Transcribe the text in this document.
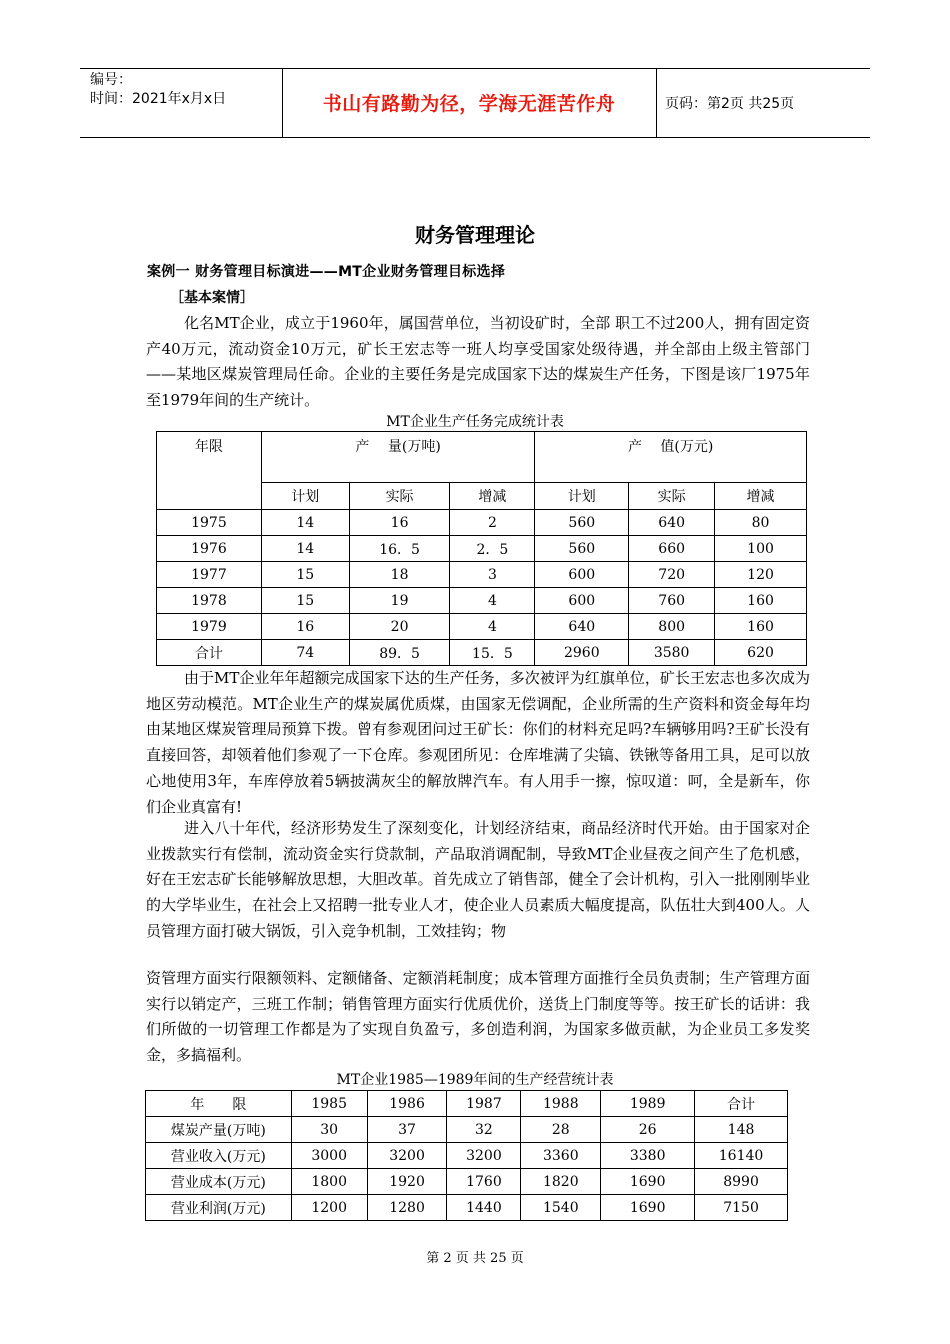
编号：
时间：2021年x月x日	书山有路勤为径，学海无涯苦作舟	页码：第2页 共25页
财务管理理论
案例一 财务管理目标演进——MT企业财务管理目标选择
［基本案情］

化名MT企业，成立于1960年，属国营单位，当初设矿时，全部 职工不过200人，拥有固定资产40万元，流动资金10万元，矿长王宏志等一班人均享受国家处级待遇，并全部由上级主管部门 ——某地区煤炭管理局任命。企业的主要任务是完成国家下达的煤炭生产任务，下图是该厂1975年至1979年间的生产统计。

MT企业生产任务完成统计表
年限	产　 量(万吨)			产　 值(万元)		
	计划	实际	增减	计划	实际	增减
1975	14	16	2	560	640	80
1976	14	16．5	2．5	560	660	100
1977	15	18	3	600	720	120
1978	15	19	4	600	760	160
1979	16	20	4	640	800	160
合计	74	89．5	15．5	2960	3580	620

由于MT企业年年超额完成国家下达的生产任务，多次被评为红旗单位，矿长王宏志也多次成为地区劳动模范。MT企业生产的煤炭属优质煤，由国家无偿调配，企业所需的生产资料和资金每年均由某地区煤炭管理局预算下拨。曾有参观团问过王矿长：你们的材料充足吗?车辆够用吗?王矿长没有直接回答，却领着他们参观了一下仓库。参观团所见：仓库堆满了尖镐、铁锹等备用工具，足可以放心地使用3年，车库停放着5辆披满灰尘的解放牌汽车。有人用手一擦，惊叹道：呵，全是新车，你们企业真富有!

进入八十年代，经济形势发生了深刻变化，计划经济结束，商品经济时代开始。由于国家对企业拨款实行有偿制，流动资金实行贷款制，产品取消调配制，导致MT企业昼夜之间产生了危机感，好在王宏志矿长能够解放思想，大胆改革。首先成立了销售部，健全了会计机构，引入一批刚刚毕业的大学毕业生，在社会上又招聘一批专业人才，使企业人员素质大幅度提高，队伍壮大到400人。人员管理方面打破大锅饭，引入竞争机制，工效挂钩；物

资管理方面实行限额领料、定额储备、定额消耗制度；成本管理方面推行全员负责制；生产管理方面实行以销定产，三班工作制；销售管理方面实行优质优价，送货上门制度等等。按王矿长的话讲：我们所做的一切管理工作都是为了实现自负盈亏，多创造利润，为国家多做贡献，为企业员工多发奖金，多搞福利。

MT企业1985—1989年间的生产经营统计表
年　　限	1985	1986	1987	1988	1989	合计
煤炭产量(万吨)	30	37	32	28	26	148
营业收入(万元)	3000	3200	3200	3360	3380	16140
营业成本(万元)	1800	1920	1760	1820	1690	8990
营业利润(万元)	1200	1280	1440	1540	1690	7150
第 2 页 共 25 页
